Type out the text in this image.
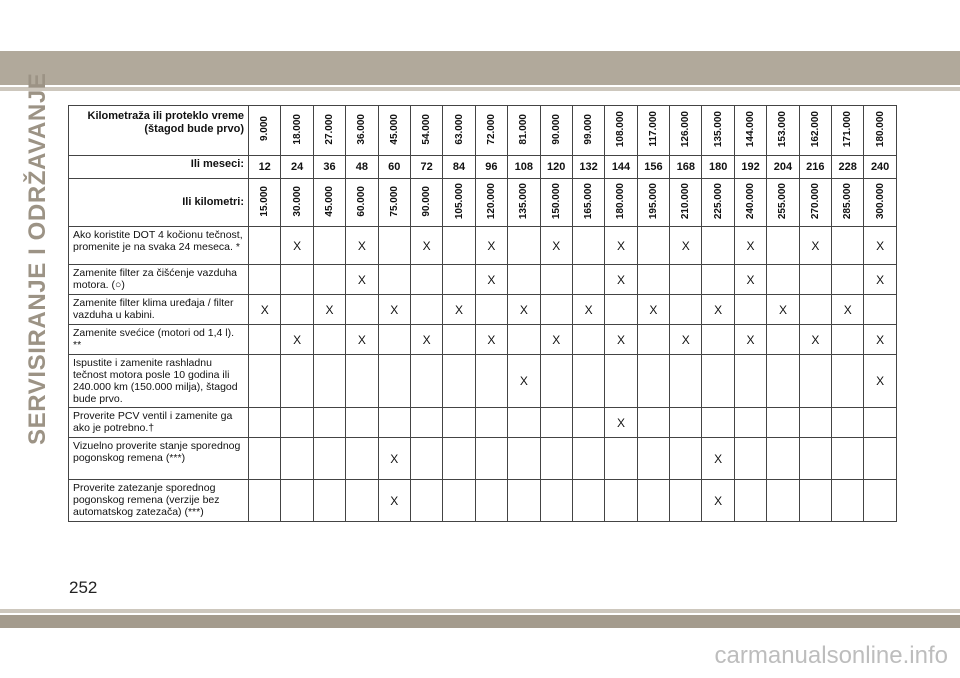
SERVISIRANJE I ODRŽAVANJE	Kilometraža ili proteklo vreme (štagod bude prvo)	9.000	18.000	27.000	36.000	45.000	54.000	63.000	72.000	81.000	90.000	99.000	108.000	117.000	126.000	135.000	144.000	153.000	162.000	171.000	180.000
Ili meseci:	12	24	36	48	60	72	84	96	108	120	132	144	156	168	180	192	204	216	228	240
Ili kilometri:	15.000	30.000	45.000	60.000	75.000	90.000	105.000	120.000	135.000	150.000	165.000	180.000	195.000	210.000	225.000	240.000	255.000	270.000	285.000	300.000
Ako koristite DOT 4 kočionu tečnost, promenite je na svaka 24 meseca. *		X		X		X		X		X		X		X		X		X		X
Zamenite filter za čišćenje vazduha motora. (○)				X				X				X				X				X
Zamenite filter klima uređaja / filter vazduha u kabini.	X		X		X		X		X		X		X		X		X		X	
Zamenite svećice (motori od 1,4 l). **		X		X		X		X		X		X		X		X		X		X
Ispustite i zamenite rashladnu tečnost motora posle 10 godina ili 240.000 km (150.000 milja), štagod bude prvo.									X											X
Proverite PCV ventil i zamenite ga ako je potrebno.†												X								
Vizuelno proverite stanje sporednog pogonskog remena (***)					X										X					
Proverite zatezanje sporednog pogonskog remena (verzije bez automatskog zatezača) (***)					X										X					
252
carmanualsonline.info
